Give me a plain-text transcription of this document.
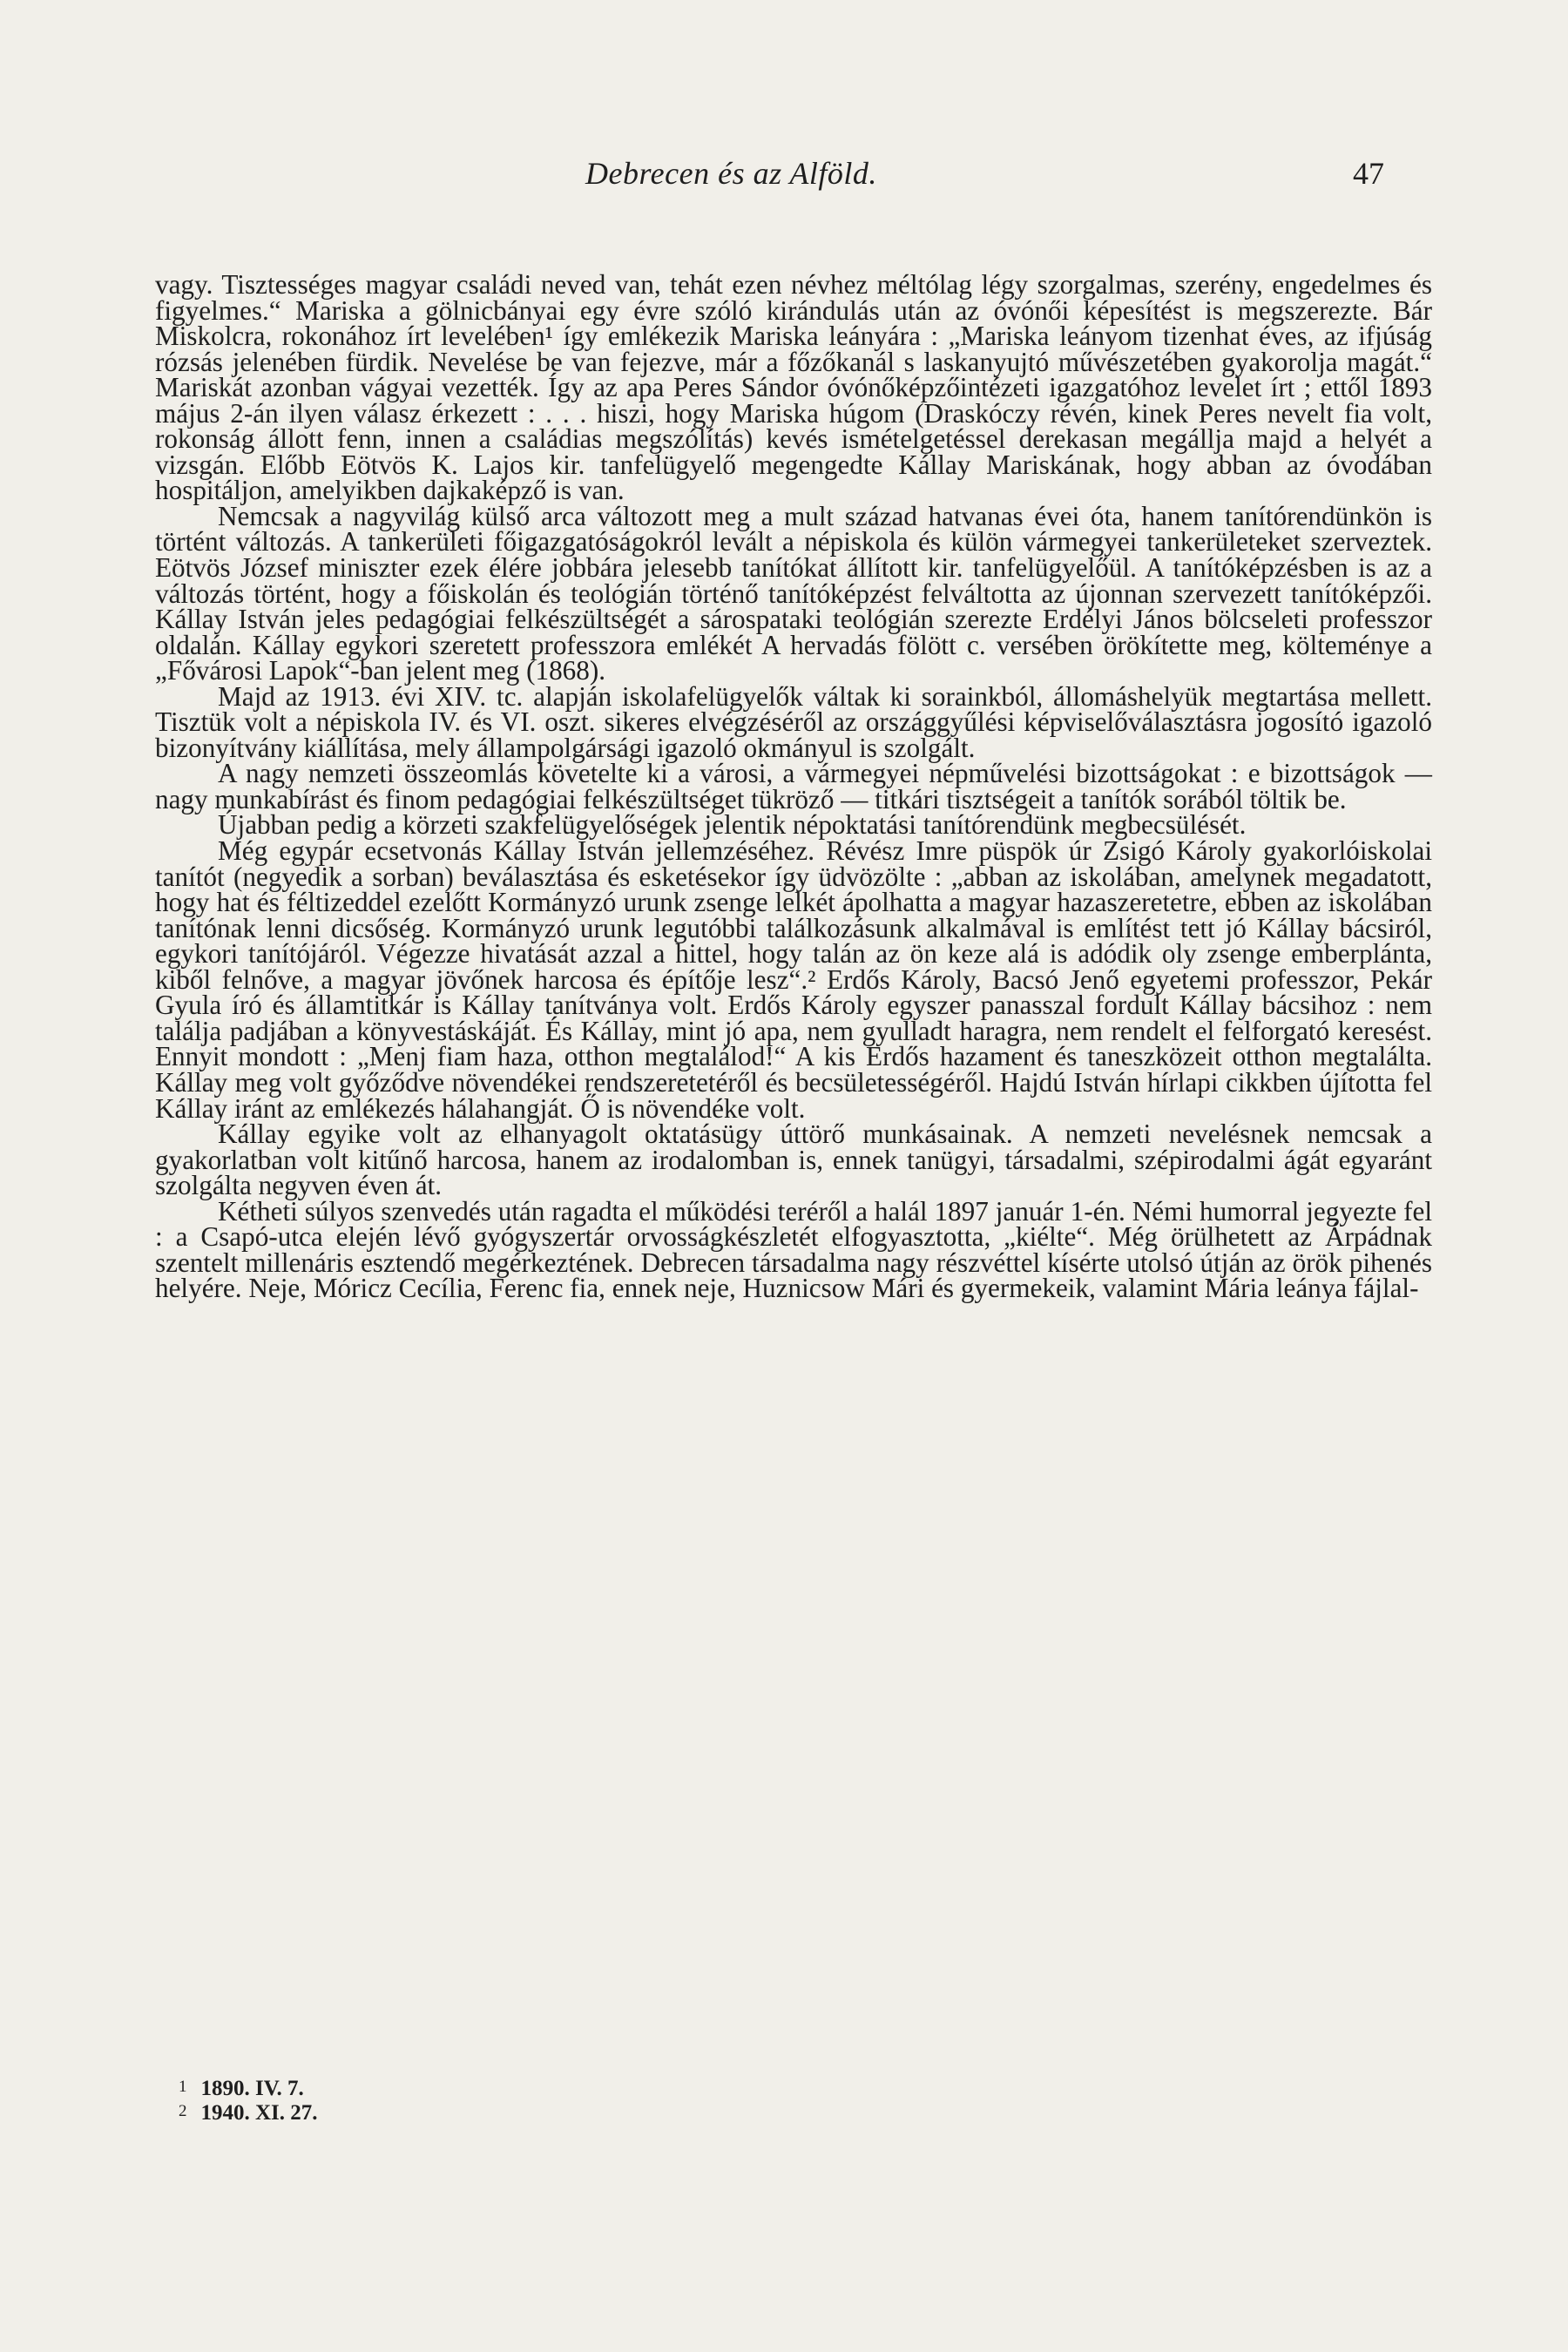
Debrecen és az Alföld.	47

vagy. Tisztességes magyar családi neved van, tehát ezen névhez méltólag légy szorgalmas, szerény, engedelmes és figyelmes.“ Mariska a gölnicbányai egy évre szóló kirándulás után az óvónői képesítést is megszerezte. Bár Miskolcra, rokonához írt levelében¹ így emlékezik Mariska leányára : „Mariska leányom tizenhat éves, az ifjúság rózsás jelenében fürdik. Nevelése be van fejezve, már a főzőkanál s laskanyujtó művészetében gyakorolja magát.“ Mariskát azonban vágyai vezették. Így az apa Peres Sándor óvónőképzőintézeti igazgatóhoz levelet írt ; ettől 1893 május 2-án ilyen válasz érkezett : . . . hiszi, hogy Mariska húgom (Draskóczy révén, kinek Peres nevelt fia volt, rokonság állott fenn, innen a családias megszólítás) kevés ismételgetéssel derekasan megállja majd a helyét a vizsgán. Előbb Eötvös K. Lajos kir. tanfelügyelő megengedte Kállay Mariskának, hogy abban az óvodában hospitáljon, amelyikben dajkaképző is van.

Nemcsak a nagyvilág külső arca változott meg a mult század hatvanas évei óta, hanem tanítórendünkön is történt változás. A tankerületi főigazgatóságokról levált a népiskola és külön vármegyei tankerületeket szerveztek. Eötvös József miniszter ezek élére jobbára jelesebb tanítókat állított kir. tanfelügyelőül. A tanítóképzésben is az a változás történt, hogy a főiskolán és teológián történő tanítóképzést felváltotta az újonnan szervezett tanítóképzői. Kállay István jeles pedagógiai felkészültségét a sárospataki teológián szerezte Erdélyi János bölcseleti professzor oldalán. Kállay egykori szeretett professzora emlékét A hervadás fölött c. versében örökítette meg, költeménye a „Fővárosi Lapok“-ban jelent meg (1868).

Majd az 1913. évi XIV. tc. alapján iskolafelügyelők váltak ki sorainkból, állomáshelyük megtartása mellett. Tisztük volt a népiskola IV. és VI. oszt. sikeres elvégzéséről az országgyűlési képviselőválasztásra jogosító igazoló bizonyítvány kiállítása, mely állampolgársági igazoló okmányul is szolgált.

A nagy nemzeti összeomlás követelte ki a városi, a vármegyei népművelési bizottságokat : e bizottságok — nagy munkabírást és finom pedagógiai felkészültséget tükröző — titkári tisztségeit a tanítók sorából töltik be.

Újabban pedig a körzeti szakfelügyelőségek jelentik népoktatási tanítórendünk megbecsülését.

Még egypár ecsetvonás Kállay István jellemzéséhez. Révész Imre püspök úr Zsigó Károly gyakorlóiskolai tanítót (negyedik a sorban) beválasztása és esketésekor így üdvözölte : „abban az iskolában, amelynek megadatott, hogy hat és féltizeddel ezelőtt Kormányzó urunk zsenge lelkét ápolhatta a magyar hazaszeretetre, ebben az iskolában tanítónak lenni dicsőség. Kormányzó urunk legutóbbi találkozásunk alkalmával is említést tett jó Kállay bácsiról, egykori tanítójáról. Végezze hivatását azzal a hittel, hogy talán az ön keze alá is adódik oly zsenge emberplánta, kiből felnőve, a magyar jövőnek harcosa és építője lesz“.² Erdős Károly, Bacsó Jenő egyetemi professzor, Pekár Gyula író és államtitkár is Kállay tanítványa volt. Erdős Károly egyszer panasszal fordult Kállay bácsihoz : nem találja padjában a könyvestáskáját. És Kállay, mint jó apa, nem gyulladt haragra, nem rendelt el felforgató keresést. Ennyit mondott : „Menj fiam haza, otthon megtalálod!“ A kis Erdős hazament és taneszközeit otthon megtalálta. Kállay meg volt győződve növendékei rendszeretetéről és becsületességéről. Hajdú István hírlapi cikkben újította fel Kállay iránt az emlékezés hálahangját. Ő is növendéke volt.

Kállay egyike volt az elhanyagolt oktatásügy úttörő munkásainak. A nemzeti nevelésnek nemcsak a gyakorlatban volt kitűnő harcosa, hanem az irodalomban is, ennek tanügyi, társadalmi, szépirodalmi ágát egyaránt szolgálta negyven éven át.

Kétheti súlyos szenvedés után ragadta el működési teréről a halál 1897 január 1-én. Némi humorral jegyezte fel : a Csapó-utca elején lévő gyógyszertár orvosságkészletét elfogyasztotta, „kiélte“. Még örülhetett az Árpádnak szentelt millenáris esztendő megérkeztének. Debrecen társadalma nagy részvéttel kísérte utolsó útján az örök pihenés helyére. Neje, Móricz Cecília, Ferenc fia, ennek neje, Huznicsow Mári és gyermekeik, valamint Mária leánya fájlal-

$^1$ 1890. IV. 7.
$^2$ 1940. XI. 27.
